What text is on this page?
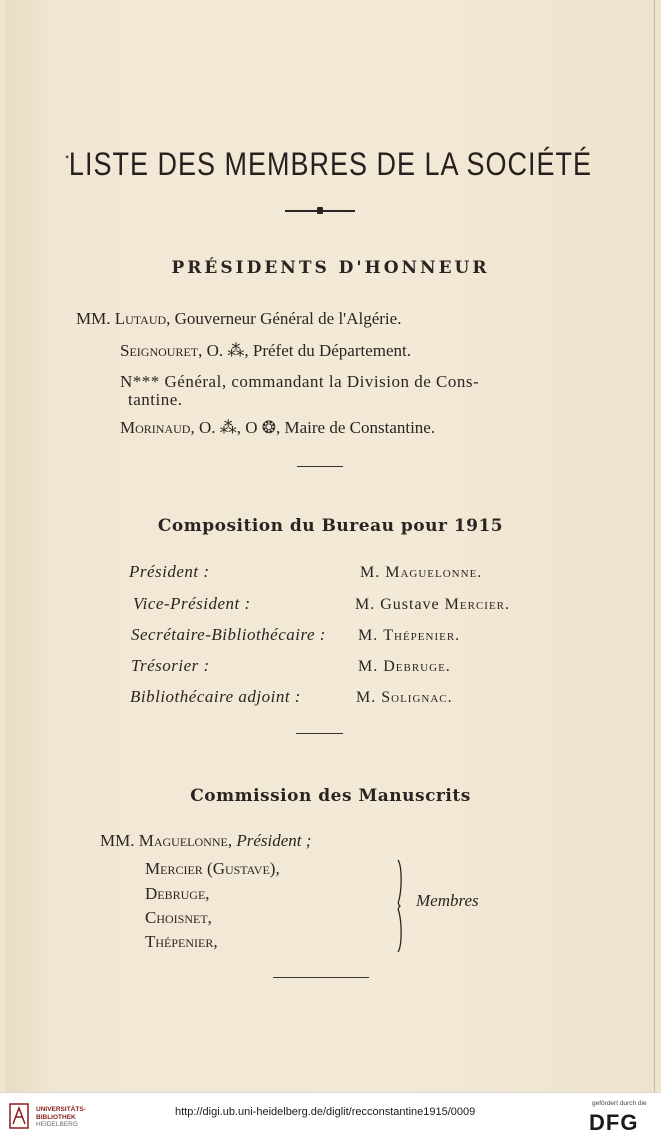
• LISTE DES MEMBRES DE LA SOCIÉTÉ
PRÉSIDENTS D'HONNEUR
MM. Lutaud, Gouverneur Général de l'Algérie.
Seignouret, O. ⁂, Préfet du Département.
N*** Général, commandant la Division de Cons-
tantine.
Morinaud, O. ⁂, O ❂, Maire de Constantine.
Composition du Bureau pour 1915
Président :	M. Maguelonne.
Vice-Président :	M. Gustave Mercier.
Secrétaire-Bibliothécaire : M. Thépenier.
Trésorier :	M. Debruge.
Bibliothécaire adjoint :	M. Solignac.
Commission des Manuscrits
MM. Maguelonne, Président ;
Mercier (Gustave),
Debruge,
Choisnet,
Thépenier,
Membres
UNIVERSITÄTS-
BIBLIOTHEK
HEIDELBERG
http://digi.ub.uni-heidelberg.de/diglit/recconstantine1915/0009
gefördert durch die
DFG
